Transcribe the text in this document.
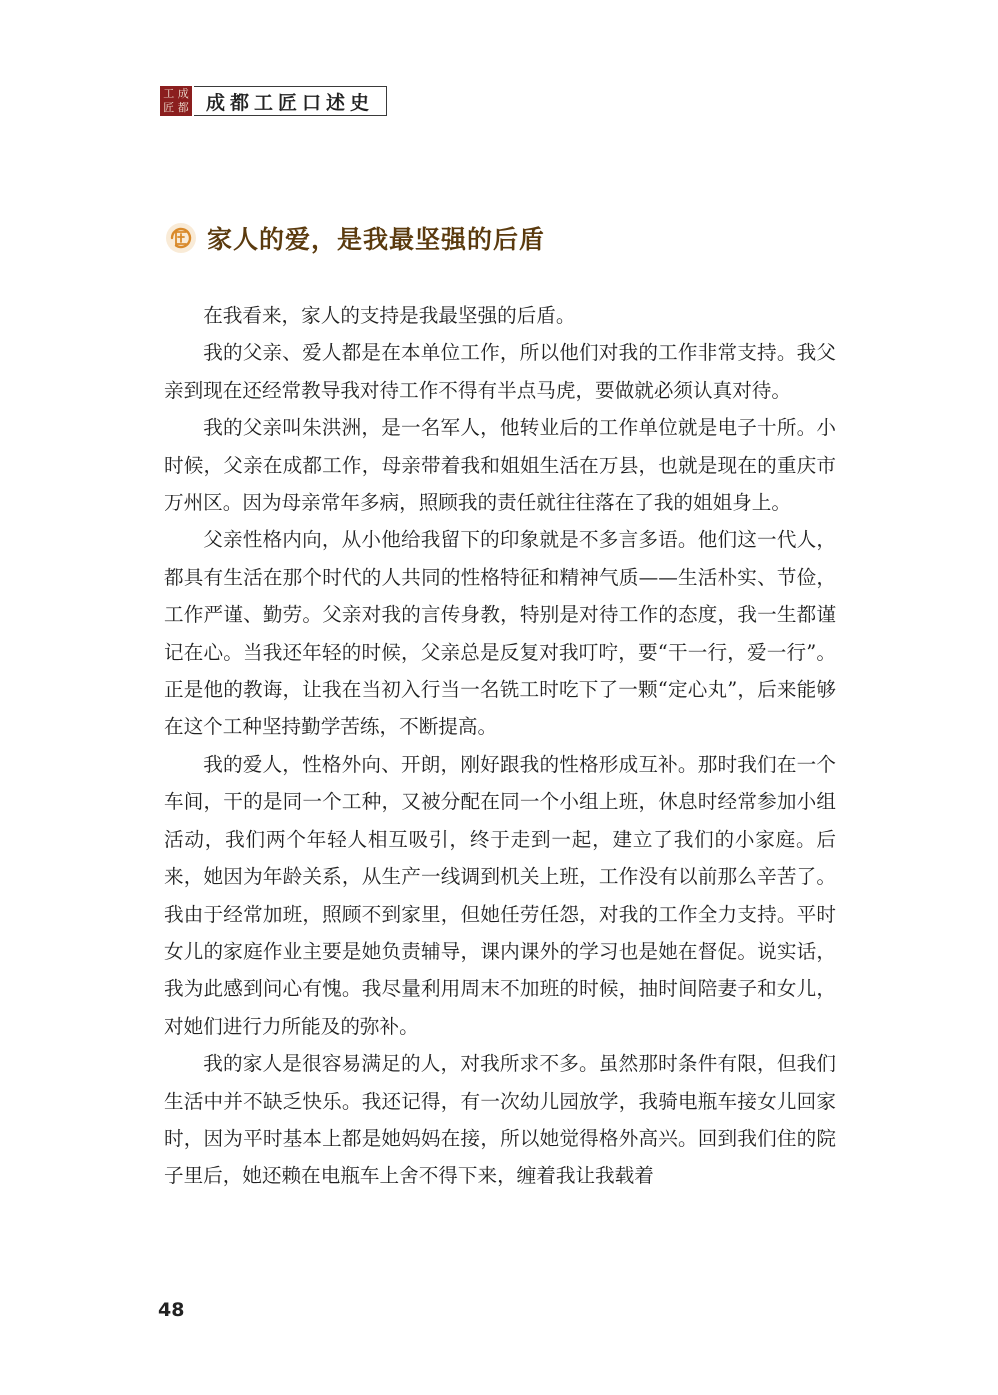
工 成
匠 都 成都工匠口述史
家人的爱，是我最坚强的后盾

在我看来，家人的支持是我最坚强的后盾。

我的父亲、爱人都是在本单位工作，所以他们对我的工作非常支持。我父亲到现在还经常教导我对待工作不得有半点马虎，要做就必须认真对待。

我的父亲叫朱洪洲，是一名军人，他转业后的工作单位就是电子十所。小时候，父亲在成都工作，母亲带着我和姐姐生活在万县，也就是现在的重庆市万州区。因为母亲常年多病，照顾我的责任就往往落在了我的姐姐身上。

父亲性格内向，从小他给我留下的印象就是不多言多语。他们这一代人，都具有生活在那个时代的人共同的性格特征和精神气质——生活朴实、节俭，工作严谨、勤劳。父亲对我的言传身教，特别是对待工作的态度，我一生都谨记在心。当我还年轻的时候，父亲总是反复对我叮咛，要“干一行，爱一行”。正是他的教诲，让我在当初入行当一名铣工时吃下了一颗“定心丸”，后来能够在这个工种坚持勤学苦练，不断提高。

我的爱人，性格外向、开朗，刚好跟我的性格形成互补。那时我们在一个车间，干的是同一个工种，又被分配在同一个小组上班，休息时经常参加小组活动，我们两个年轻人相互吸引，终于走到一起，建立了我们的小家庭。后来，她因为年龄关系，从生产一线调到机关上班，工作没有以前那么辛苦了。我由于经常加班，照顾不到家里，但她任劳任怨，对我的工作全力支持。平时女儿的家庭作业主要是她负责辅导，课内课外的学习也是她在督促。说实话，我为此感到问心有愧。我尽量利用周末不加班的时候，抽时间陪妻子和女儿，对她们进行力所能及的弥补。

我的家人是很容易满足的人，对我所求不多。虽然那时条件有限，但我们生活中并不缺乏快乐。我还记得，有一次幼儿园放学，我骑电瓶车接女儿回家时，因为平时基本上都是她妈妈在接，所以她觉得格外高兴。回到我们住的院子里后，她还赖在电瓶车上舍不得下来，缠着我让我载着

48
